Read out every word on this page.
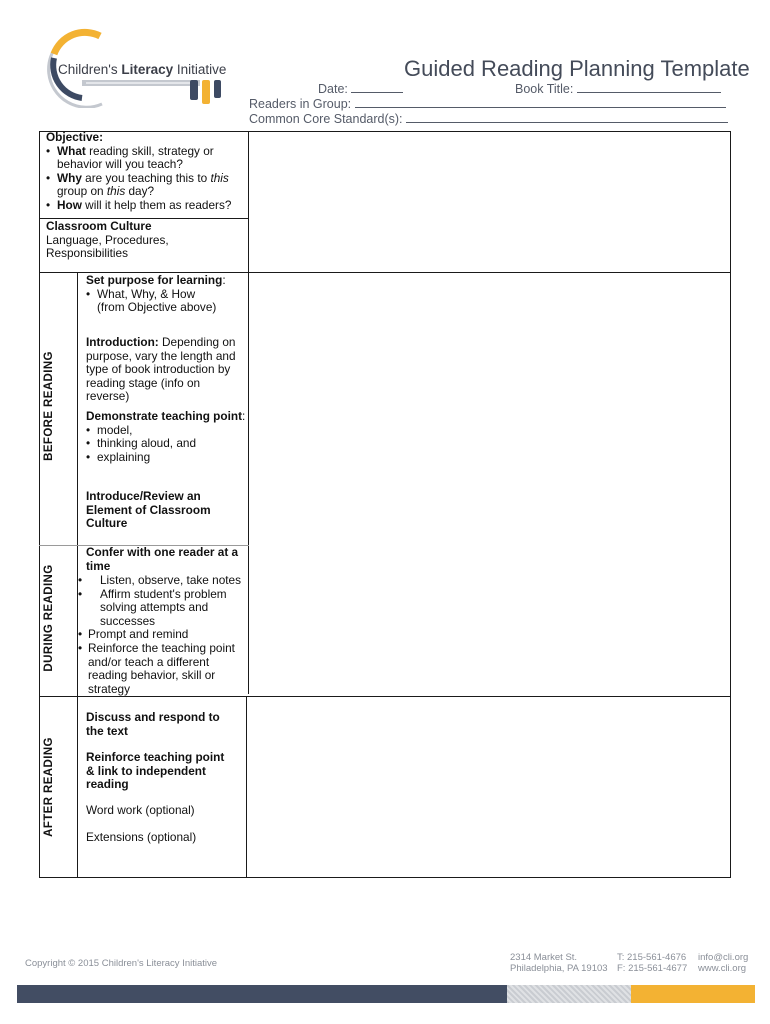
Children's Literacy Initiative	Guided Reading Planning Template
Date:	Book Title:
Readers in Group:
Common Core Standard(s):
Objective:
• What reading skill, strategy or behavior will you teach?
• Why are you teaching this to this group on this day?
• How will it help them as readers?
Classroom Culture
Language, Procedures, Responsibilities
BEFORE READING
Set purpose for learning:
• What, Why, & How
(from Objective above)
Introduction: Depending on purpose, vary the length and type of book introduction by reading stage (info on reverse)
Demonstrate teaching point:
• model,
• thinking aloud, and
• explaining
Introduce/Review an Element of Classroom Culture
DURING READING
Confer with one reader at a time
• Listen, observe, take notes
• Affirm student's problem solving attempts and successes
• Prompt and remind
• Reinforce the teaching point and/or teach a different reading behavior, skill or strategy
AFTER READING
Discuss and respond to the text
Reinforce teaching point & link to independent reading
Word work (optional)
Extensions (optional)
Copyright © 2015 Children's Literacy Initiative
2314 Market St.
Philadelphia, PA 19103
T: 215-561-4676
F: 215-561-4677
info@cli.org
www.cli.org
